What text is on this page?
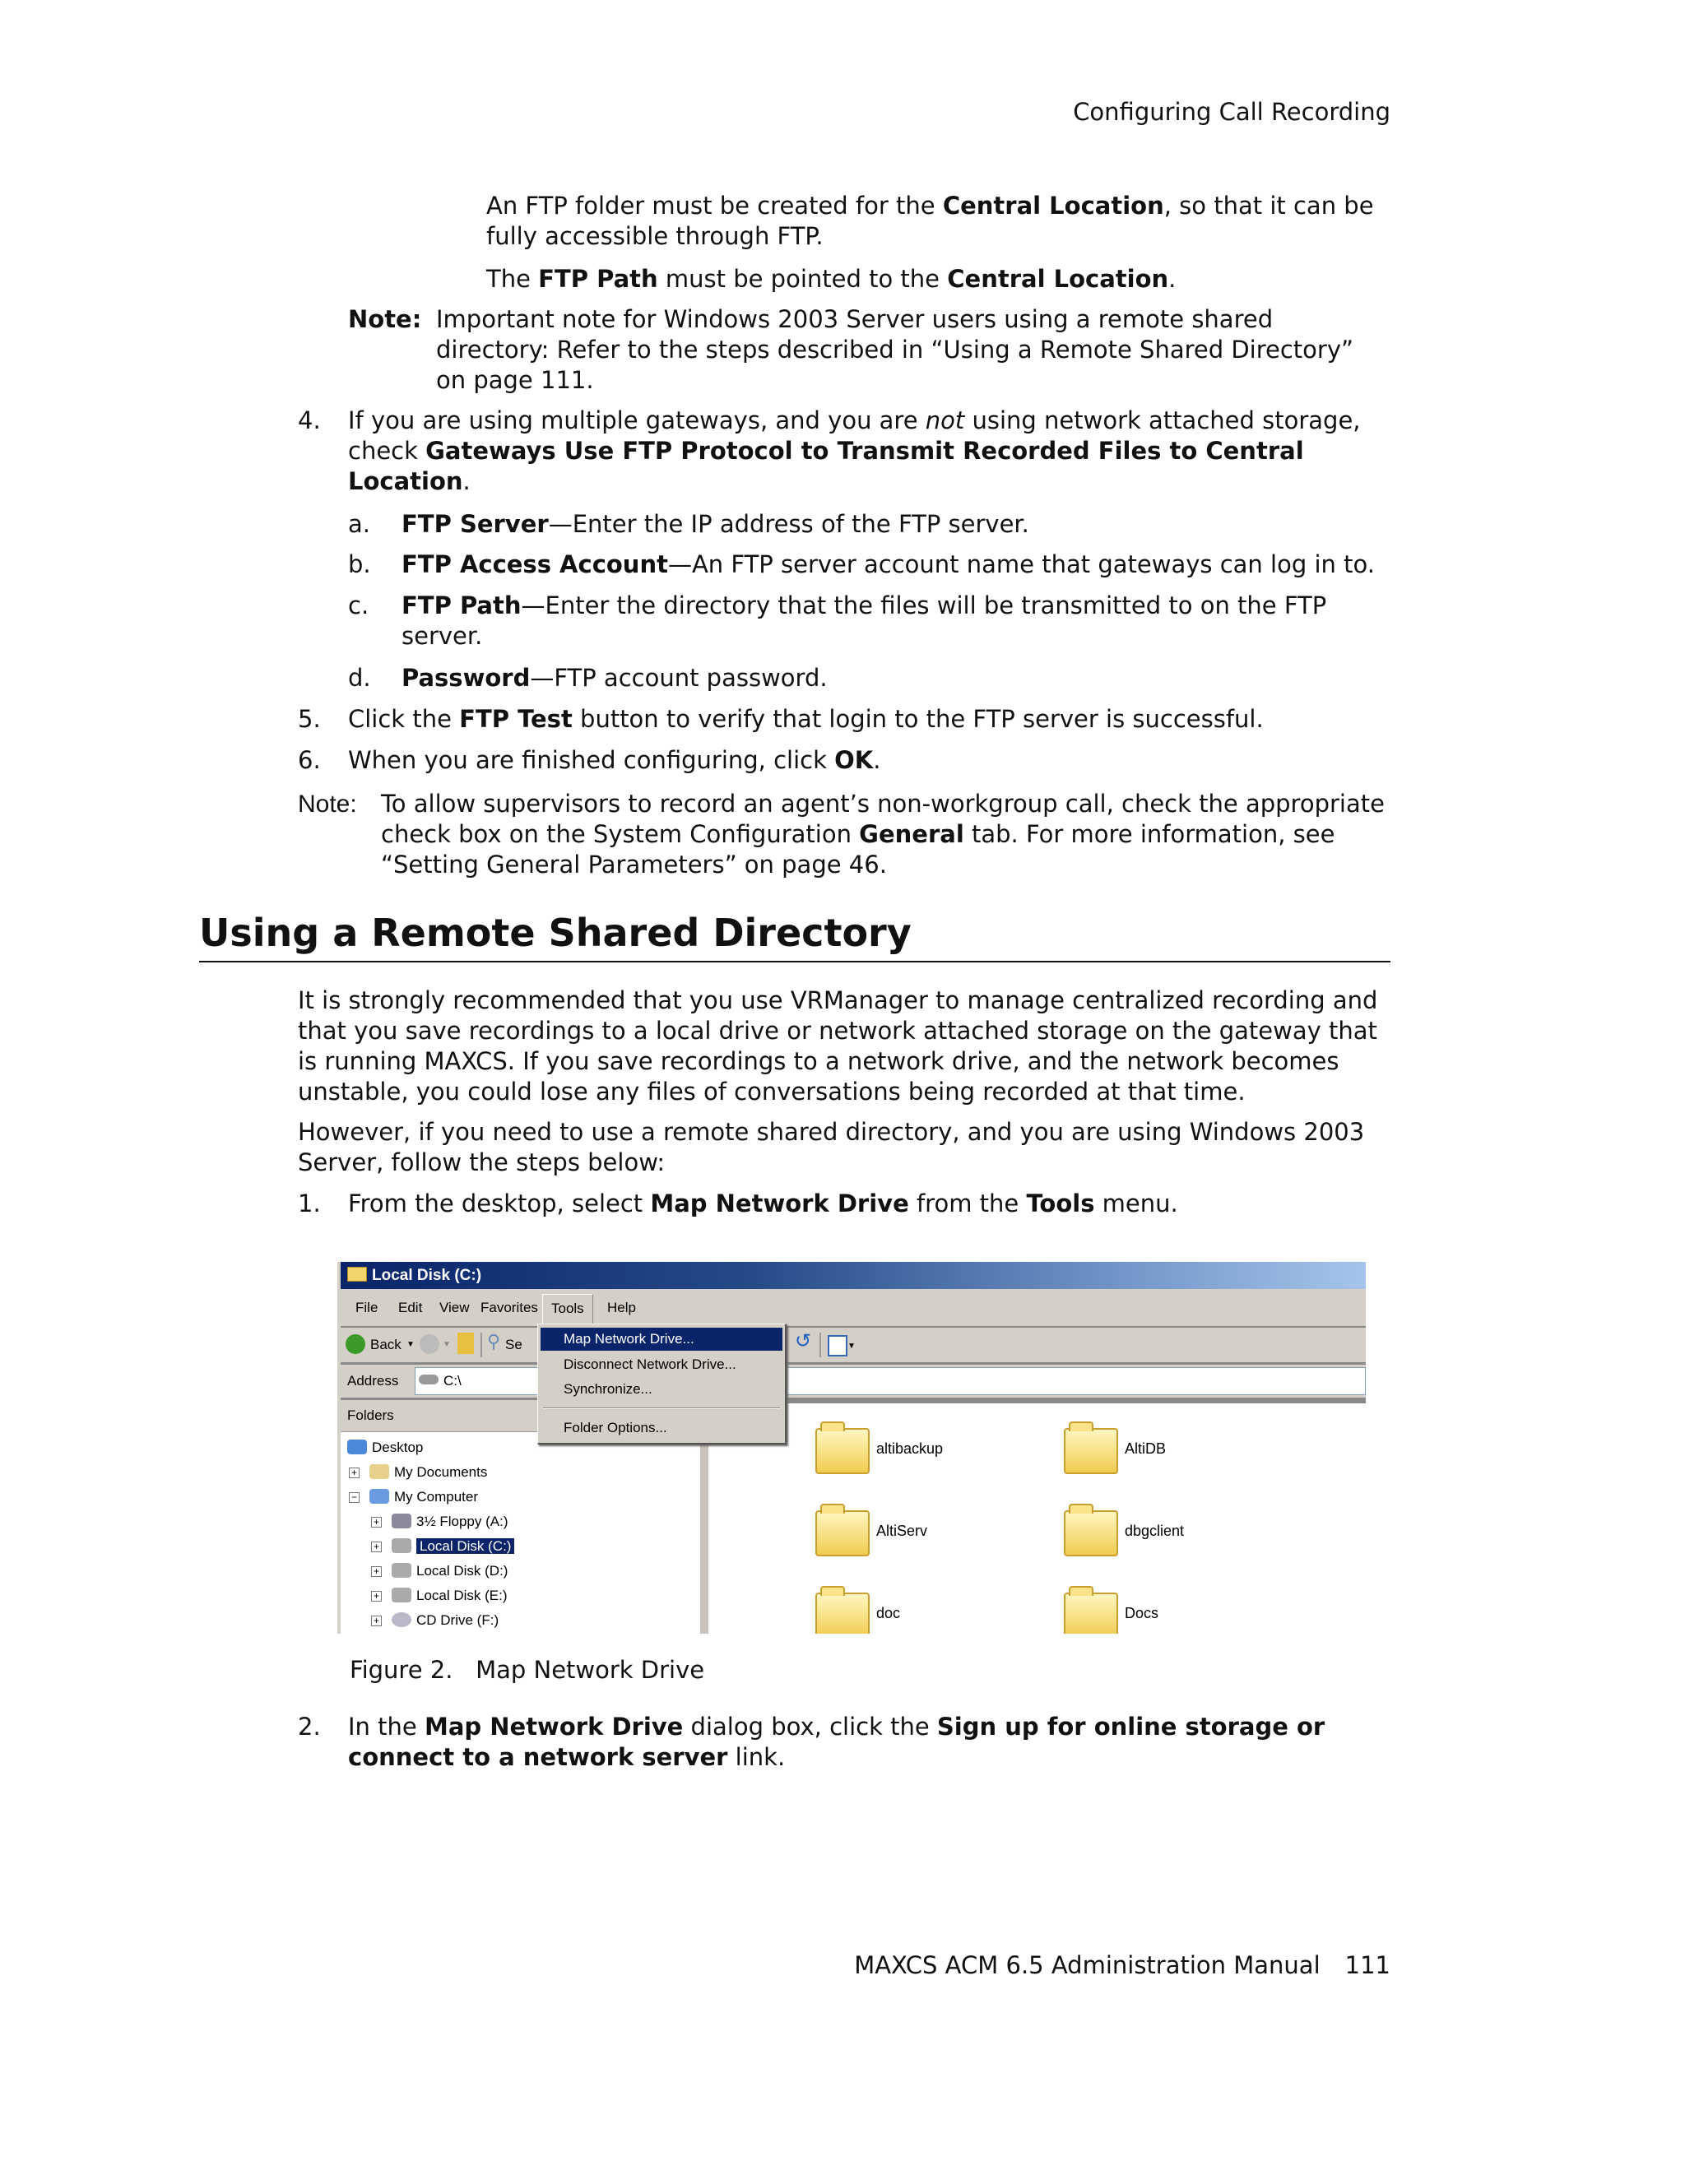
Configuring Call Recording
An FTP folder must be created for the Central Location, so that it can be fully accessible through FTP.
The FTP Path must be pointed to the Central Location.
Note: Important note for Windows 2003 Server users using a remote shared directory: Refer to the steps described in “Using a Remote Shared Directory” on page 111.
4. If you are using multiple gateways, and you are not using network attached storage, check Gateways Use FTP Protocol to Transmit Recorded Files to Central Location.
a. FTP Server—Enter the IP address of the FTP server.
b. FTP Access Account—An FTP server account name that gateways can log in to.
c. FTP Path—Enter the directory that the files will be transmitted to on the FTP server.
d. Password—FTP account password.
5. Click the FTP Test button to verify that login to the FTP server is successful.
6. When you are finished configuring, click OK.
Note: To allow supervisors to record an agent’s non-workgroup call, check the appropriate check box on the System Configuration General tab. For more information, see “Setting General Parameters” on page 46.
Using a Remote Shared Directory
It is strongly recommended that you use VRManager to manage centralized recording and that you save recordings to a local drive or network attached storage on the gateway that is running MAXCS. If you save recordings to a network drive, and the network becomes unstable, you could lose any files of conversations being recorded at that time.
However, if you need to use a remote shared directory, and you are using Windows 2003 Server, follow the steps below:
1. From the desktop, select Map Network Drive from the Tools menu.
Local Disk (C:)
File	Edit	View Favorites Tools	Help
Back ▼	▼ ⚲ Se	↺	▼
Address	C:\
Folders
Desktop
+	My Documents
−	My Computer
+	3½ Floppy (A:)
+	Local Disk (C:)
+	Local Disk (D:)
+	Local Disk (E:)
+	CD Drive (F:)
altibackup	AltiDB
AltiServ	dbgclient
doc	Docs
Map Network Drive...
Disconnect Network Drive...
Synchronize...
Folder Options...
Figure 2.   Map Network Drive
2. In the Map Network Drive dialog box, click the Sign up for online storage or connect to a network server link.
MAXCS ACM 6.5 Administration Manual 111
